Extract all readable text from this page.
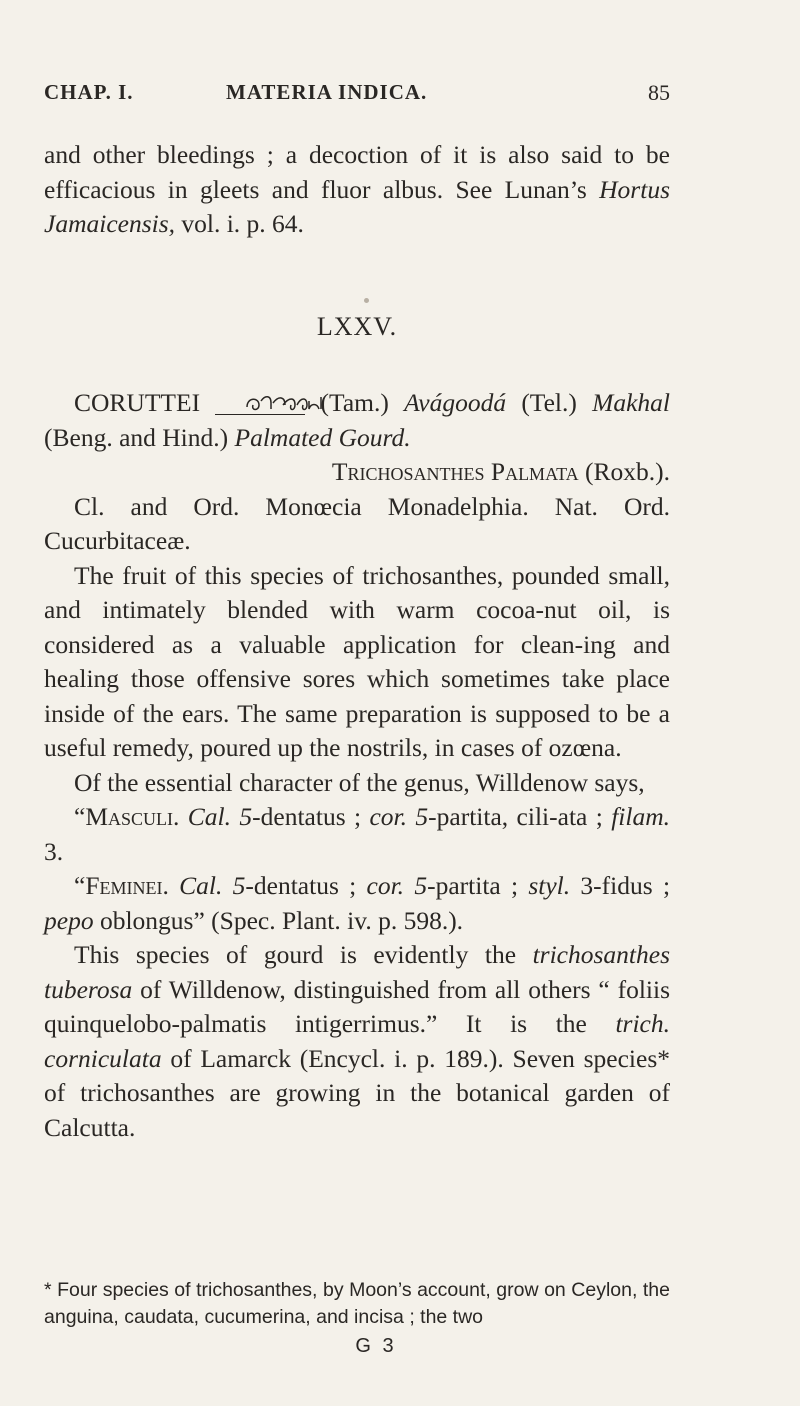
CHAP. I.	MATERIA INDICA.	85

and other bleedings ; a decoction of it is also said to be efficacious in gleets and fluor albus. See Lunan’s Hortus Jamaicensis, vol. i. p. 64.

LXXV.

CORUTTEI	(Tam.) Avágoodá (Tel.) Makhal (Beng. and Hind.) Palmated Gourd.

Trichosanthes Palmata (Roxb.).

Cl. and Ord. Monœcia Monadelphia. Nat. Ord. Cucurbitaceæ.

The fruit of this species of trichosanthes, pounded small, and intimately blended with warm cocoa-nut oil, is considered as a valuable application for clean-ing and healing those offensive sores which sometimes take place inside of the ears. The same preparation is supposed to be a useful remedy, poured up the nostrils, in cases of ozœna.

Of the essential character of the genus, Willdenow says,

“Masculi. Cal. 5-dentatus ; cor. 5-partita, cili-ata ; filam. 3.

“Feminei. Cal. 5-dentatus ; cor. 5-partita ; styl. 3-fidus ; pepo oblongus” (Spec. Plant. iv. p. 598.).

This species of gourd is evidently the trichosanthes tuberosa of Willdenow, distinguished from all others “ foliis quinquelobo-palmatis intigerrimus.” It is the trich. corniculata of Lamarck (Encycl. i. p. 189.). Seven species* of trichosanthes are growing in the botanical garden of Calcutta.

* Four species of trichosanthes, by Moon’s account, grow on Ceylon, the anguina, caudata, cucumerina, and incisa ; the two

G 3
